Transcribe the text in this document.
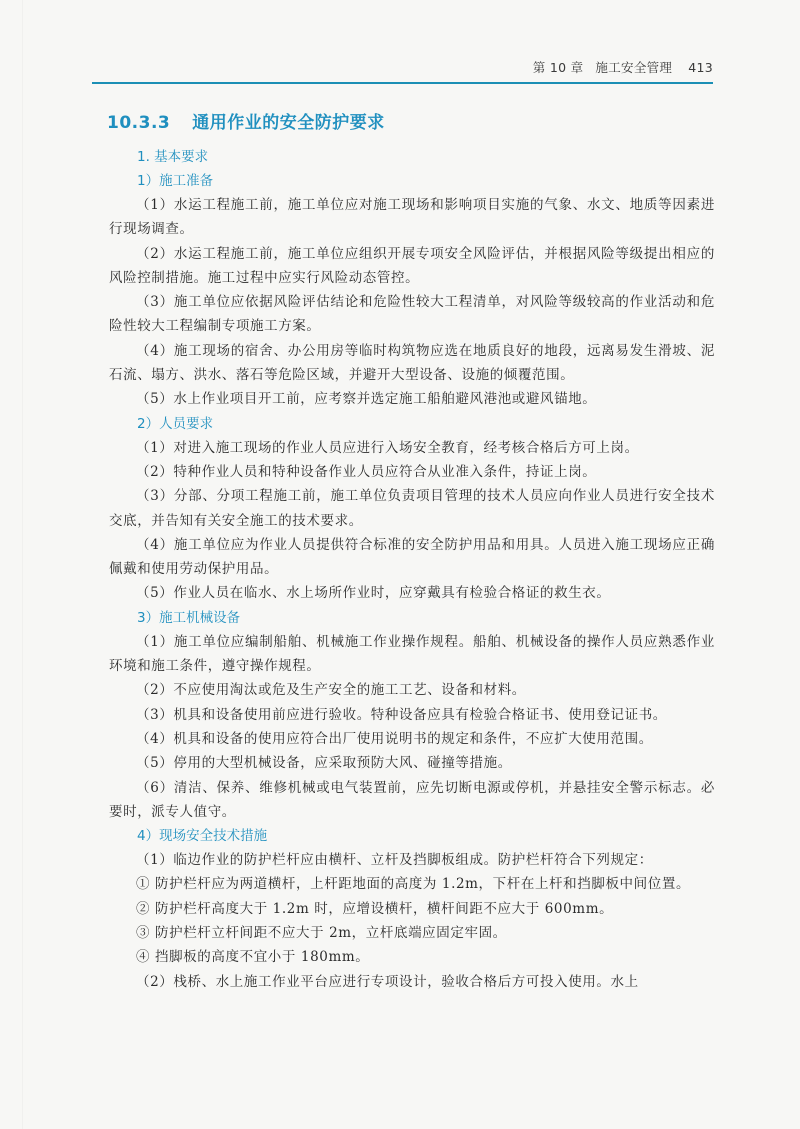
第 10 章 施工安全管理 413
10.3.3 通用作业的安全防护要求

1. 基本要求

1）施工准备

（1）水运工程施工前，施工单位应对施工现场和影响项目实施的气象、水文、地质等因素进行现场调查。

（2）水运工程施工前，施工单位应组织开展专项安全风险评估，并根据风险等级提出相应的风险控制措施。施工过程中应实行风险动态管控。

（3）施工单位应依据风险评估结论和危险性较大工程清单，对风险等级较高的作业活动和危险性较大工程编制专项施工方案。

（4）施工现场的宿舍、办公用房等临时构筑物应选在地质良好的地段，远离易发生滑坡、泥石流、塌方、洪水、落石等危险区域，并避开大型设备、设施的倾覆范围。

（5）水上作业项目开工前，应考察并选定施工船舶避风港池或避风锚地。

2）人员要求

（1）对进入施工现场的作业人员应进行入场安全教育，经考核合格后方可上岗。

（2）特种作业人员和特种设备作业人员应符合从业准入条件，持证上岗。

（3）分部、分项工程施工前，施工单位负责项目管理的技术人员应向作业人员进行安全技术交底，并告知有关安全施工的技术要求。

（4）施工单位应为作业人员提供符合标准的安全防护用品和用具。人员进入施工现场应正确佩戴和使用劳动保护用品。

（5）作业人员在临水、水上场所作业时，应穿戴具有检验合格证的救生衣。

3）施工机械设备

（1）施工单位应编制船舶、机械施工作业操作规程。船舶、机械设备的操作人员应熟悉作业环境和施工条件，遵守操作规程。

（2）不应使用淘汰或危及生产安全的施工工艺、设备和材料。

（3）机具和设备使用前应进行验收。特种设备应具有检验合格证书、使用登记证书。

（4）机具和设备的使用应符合出厂使用说明书的规定和条件，不应扩大使用范围。

（5）停用的大型机械设备，应采取预防大风、碰撞等措施。

（6）清洁、保养、维修机械或电气装置前，应先切断电源或停机，并悬挂安全警示标志。必要时，派专人值守。

4）现场安全技术措施

（1）临边作业的防护栏杆应由横杆、立杆及挡脚板组成。防护栏杆符合下列规定：

① 防护栏杆应为两道横杆，上杆距地面的高度为 1.2m，下杆在上杆和挡脚板中间位置。

② 防护栏杆高度大于 1.2m 时，应增设横杆，横杆间距不应大于 600mm。

③ 防护栏杆立杆间距不应大于 2m，立杆底端应固定牢固。

④ 挡脚板的高度不宜小于 180mm。

（2）栈桥、水上施工作业平台应进行专项设计，验收合格后方可投入使用。水上
